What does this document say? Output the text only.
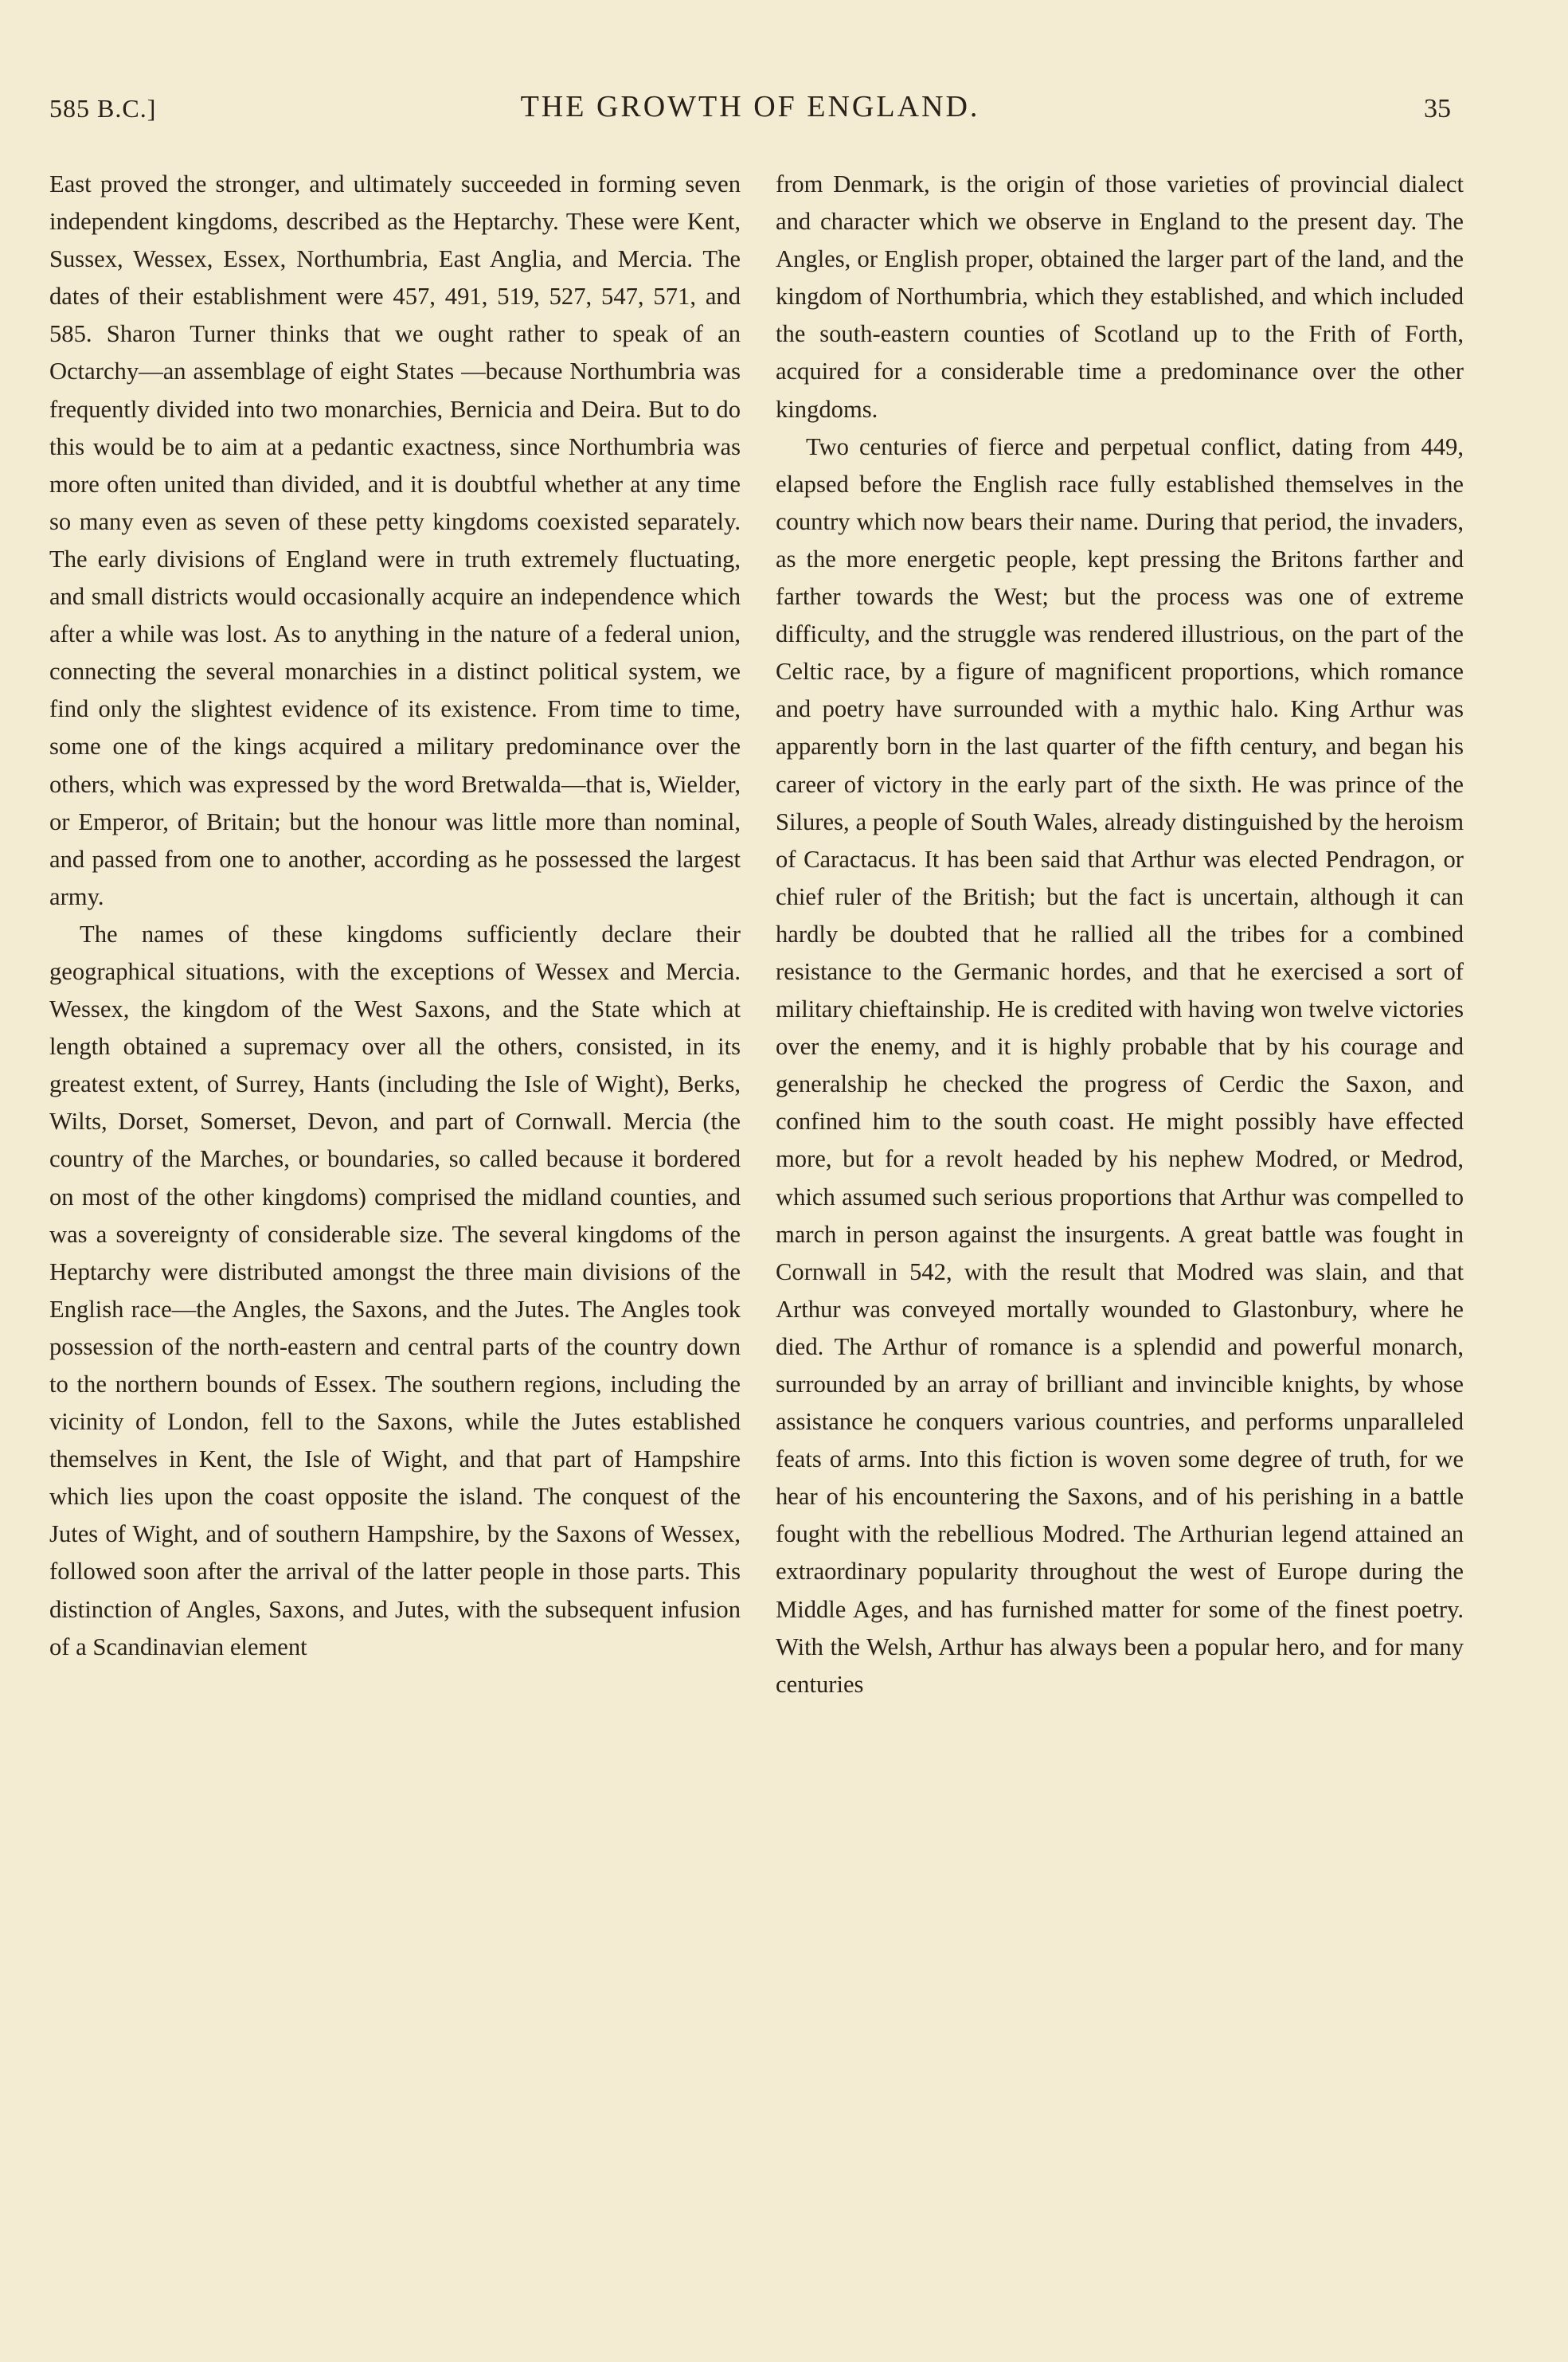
585 B.C.]	THE GROWTH OF ENGLAND.	35

East proved the stronger, and ultimately succeeded in forming seven independent kingdoms, described as the Heptarchy. These were Kent, Sussex, Wessex, Essex, Northumbria, East Anglia, and Mercia. The dates of their establishment were 457, 491, 519, 527, 547, 571, and 585. Sharon Turner thinks that we ought rather to speak of an Octarchy—an assemblage of eight States —because Northumbria was frequently divided into two monarchies, Bernicia and Deira. But to do this would be to aim at a pedantic exactness, since Northumbria was more often united than divided, and it is doubtful whether at any time so many even as seven of these petty kingdoms coexisted separately. The early divisions of England were in truth extremely fluctuating, and small districts would occasionally acquire an independence which after a while was lost. As to anything in the nature of a federal union, connecting the several monarchies in a distinct political system, we find only the slightest evidence of its existence. From time to time, some one of the kings acquired a military predominance over the others, which was expressed by the word Bretwalda—that is, Wielder, or Emperor, of Britain; but the honour was little more than nominal, and passed from one to another, according as he possessed the largest army.

The names of these kingdoms sufficiently declare their geographical situations, with the exceptions of Wessex and Mercia. Wessex, the kingdom of the West Saxons, and the State which at length obtained a supremacy over all the others, consisted, in its greatest extent, of Surrey, Hants (including the Isle of Wight), Berks, Wilts, Dorset, Somerset, Devon, and part of Cornwall. Mercia (the country of the Marches, or boundaries, so called because it bordered on most of the other kingdoms) comprised the midland counties, and was a sovereignty of considerable size. The several kingdoms of the Heptarchy were distributed amongst the three main divisions of the English race—the Angles, the Saxons, and the Jutes. The Angles took possession of the north-eastern and central parts of the country down to the northern bounds of Essex. The southern regions, including the vicinity of London, fell to the Saxons, while the Jutes established themselves in Kent, the Isle of Wight, and that part of Hampshire which lies upon the coast opposite the island. The conquest of the Jutes of Wight, and of southern Hampshire, by the Saxons of Wessex, followed soon after the arrival of the latter people in those parts. This distinction of Angles, Saxons, and Jutes, with the subsequent infusion of a Scandinavian element

from Denmark, is the origin of those varieties of provincial dialect and character which we observe in England to the present day. The Angles, or English proper, obtained the larger part of the land, and the kingdom of Northumbria, which they established, and which included the south-eastern counties of Scotland up to the Frith of Forth, acquired for a considerable time a predominance over the other kingdoms.

Two centuries of fierce and perpetual conflict, dating from 449, elapsed before the English race fully established themselves in the country which now bears their name. During that period, the invaders, as the more energetic people, kept pressing the Britons farther and farther towards the West; but the process was one of extreme difficulty, and the struggle was rendered illustrious, on the part of the Celtic race, by a figure of magnificent proportions, which romance and poetry have surrounded with a mythic halo. King Arthur was apparently born in the last quarter of the fifth century, and began his career of victory in the early part of the sixth. He was prince of the Silures, a people of South Wales, already distinguished by the heroism of Caractacus. It has been said that Arthur was elected Pendragon, or chief ruler of the British; but the fact is uncertain, although it can hardly be doubted that he rallied all the tribes for a combined resistance to the Germanic hordes, and that he exercised a sort of military chieftainship. He is credited with having won twelve victories over the enemy, and it is highly probable that by his courage and generalship he checked the progress of Cerdic the Saxon, and confined him to the south coast. He might possibly have effected more, but for a revolt headed by his nephew Modred, or Medrod, which assumed such serious proportions that Arthur was compelled to march in person against the insurgents. A great battle was fought in Cornwall in 542, with the result that Modred was slain, and that Arthur was conveyed mortally wounded to Glastonbury, where he died. The Arthur of romance is a splendid and powerful monarch, surrounded by an array of brilliant and invincible knights, by whose assistance he conquers various countries, and performs unparalleled feats of arms. Into this fiction is woven some degree of truth, for we hear of his encountering the Saxons, and of his perishing in a battle fought with the rebellious Modred. The Arthurian legend attained an extraordinary popularity throughout the west of Europe during the Middle Ages, and has furnished matter for some of the finest poetry. With the Welsh, Arthur has always been a popular hero, and for many centuries
